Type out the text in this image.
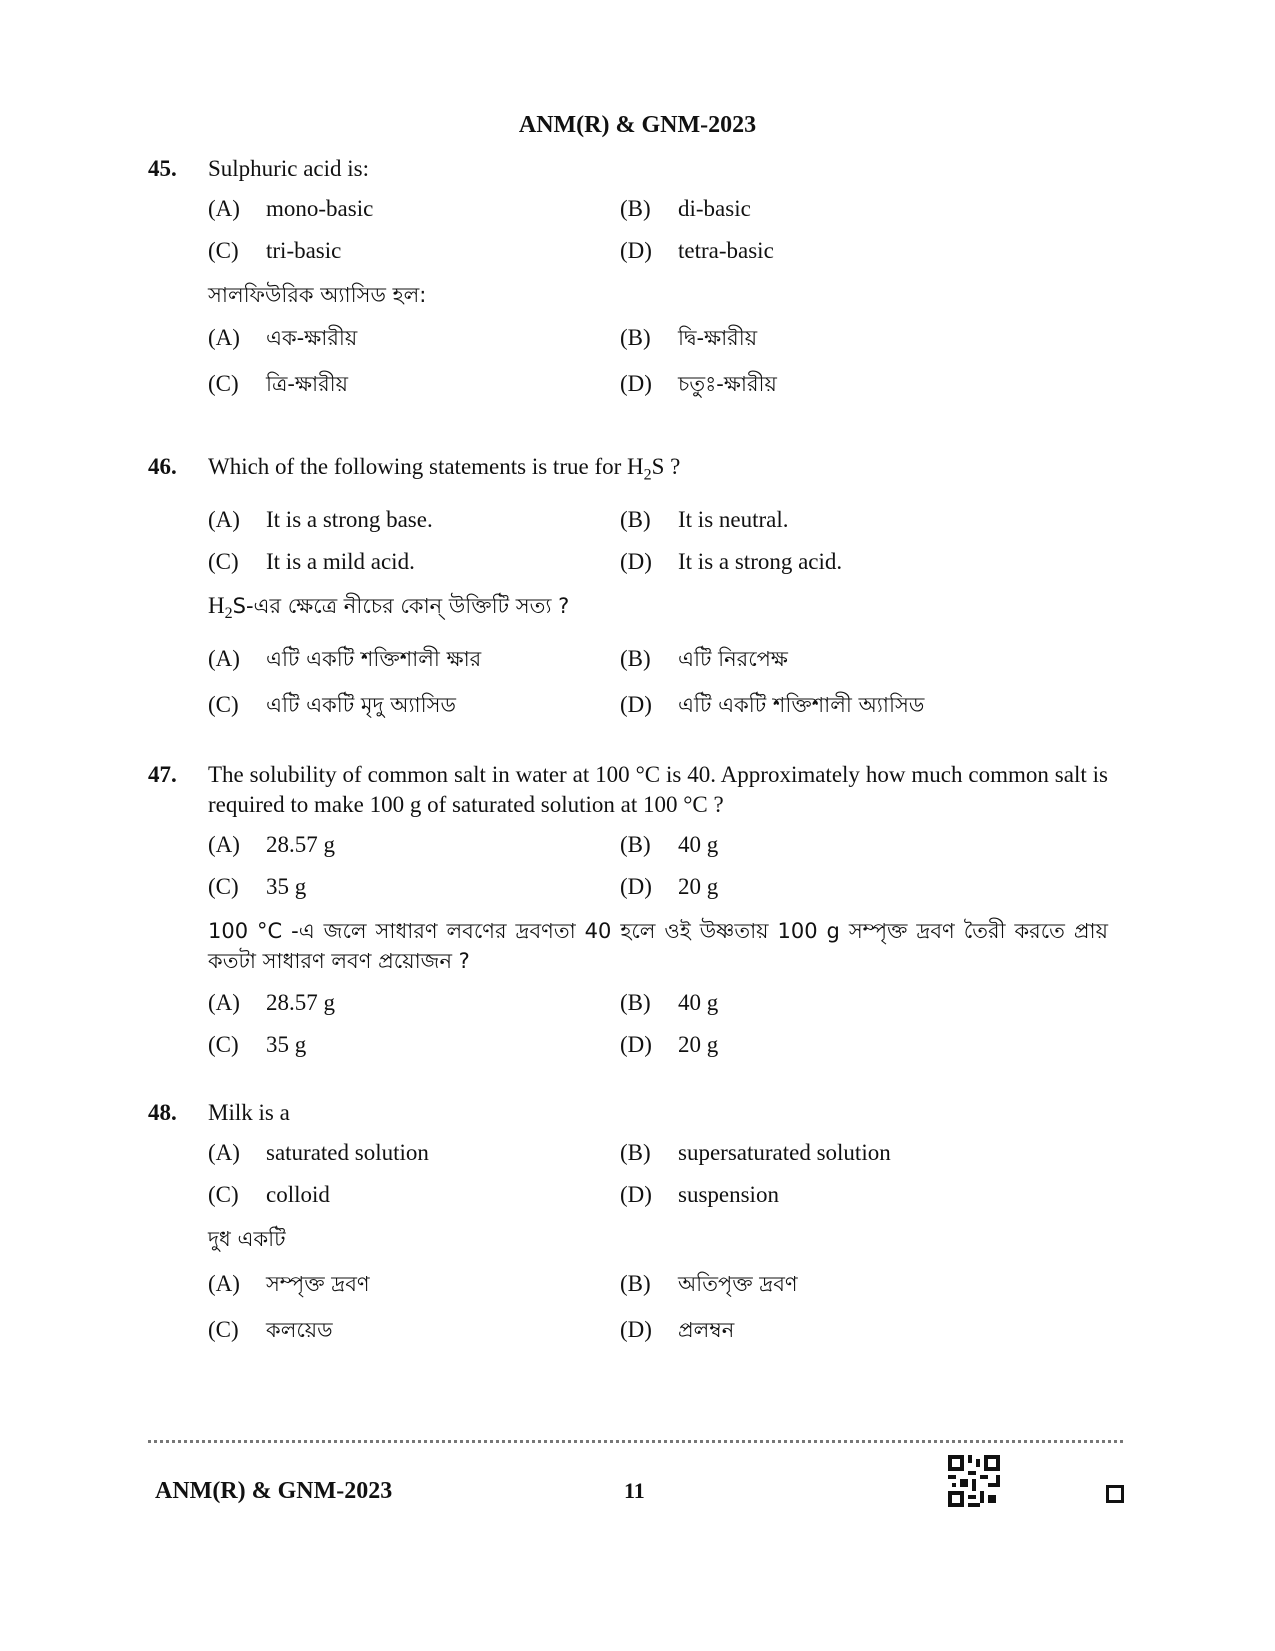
ANM(R) & GNM-2023
45. Sulphuric acid is:
(A) mono-basic	(B) di-basic
(C) tri-basic	(D) tetra-basic
সালফিউরিক অ্যাসিড হল:
(A) এক-ক্ষারীয়	(B) দ্বি-ক্ষারীয়
(C) ত্রি-ক্ষারীয়	(D) চতুঃ-ক্ষারীয়
46. Which of the following statements is true for $H_2S$ ?
(A) It is a strong base.	(B) It is neutral.
(C) It is a mild acid.	(D) It is a strong acid.
$H_2S-এর$ ক্ষেত্রে নীচের কোন্ উক্তিটি সত্য ?
(A) এটি একটি শক্তিশালী ক্ষার	(B) এটি নিরপেক্ষ
(C) এটি একটি মৃদু অ্যাসিড	(D) এটি একটি শক্তিশালী অ্যাসিড
47. The solubility of common salt in water at 100 °C is 40. Approximately how much common salt is required to make 100 g of saturated solution at 100 °C ?
(A) 28.57 g	(B) 40 g
(C) 35 g	(D) 20 g
100 °C -এ জলে সাধারণ লবণের দ্রবণতা 40 হলে ওই উষ্ণতায় 100 g সম্পৃক্ত দ্রবণ তৈরী করতে প্রায় কতটা সাধারণ লবণ প্রয়োজন ?
(A) 28.57 g	(B) 40 g
(C) 35 g	(D) 20 g
48. Milk is a
(A) saturated solution	(B) supersaturated solution
(C) colloid	(D) suspension
দুধ একটি
(A) সম্পৃক্ত দ্রবণ	(B) অতিপৃক্ত দ্রবণ
(C) কলয়েড	(D) প্রলম্বন
ANM(R) & GNM-2023	11
